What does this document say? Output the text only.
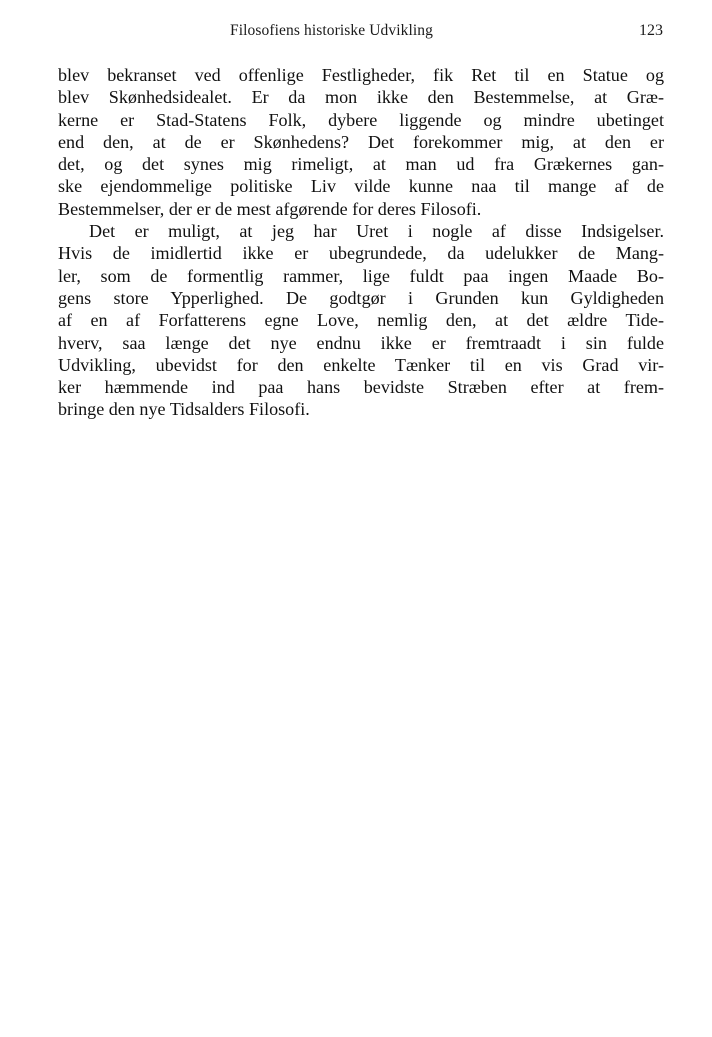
Filosofiens historiske Udvikling	123
blev bekranset ved offenlige Festligheder, fik Ret til en Statue og
blev Skønhedsidealet. Er da mon ikke den Bestemmelse, at Græ-
kerne er Stad-Statens Folk, dybere liggende og mindre ubetinget
end den, at de er Skønhedens? Det forekommer mig, at den er
det, og det synes mig rimeligt, at man ud fra Grækernes gan-
ske ejendommelige politiske Liv vilde kunne naa til mange af de
Bestemmelser, der er de mest afgørende for deres Filosofi.
Det er muligt, at jeg har Uret i nogle af disse Indsigelser.
Hvis de imidlertid ikke er ubegrundede, da udelukker de Mang-
ler, som de formentlig rammer, lige fuldt paa ingen Maade Bo-
gens store Ypperlighed. De godtgør i Grunden kun Gyldigheden
af en af Forfatterens egne Love, nemlig den, at det ældre Tide-
hverv, saa længe det nye endnu ikke er fremtraadt i sin fulde
Udvikling, ubevidst for den enkelte Tænker til en vis Grad vir-
ker hæmmende ind paa hans bevidste Stræben efter at frem-
bringe den nye Tidsalders Filosofi.
